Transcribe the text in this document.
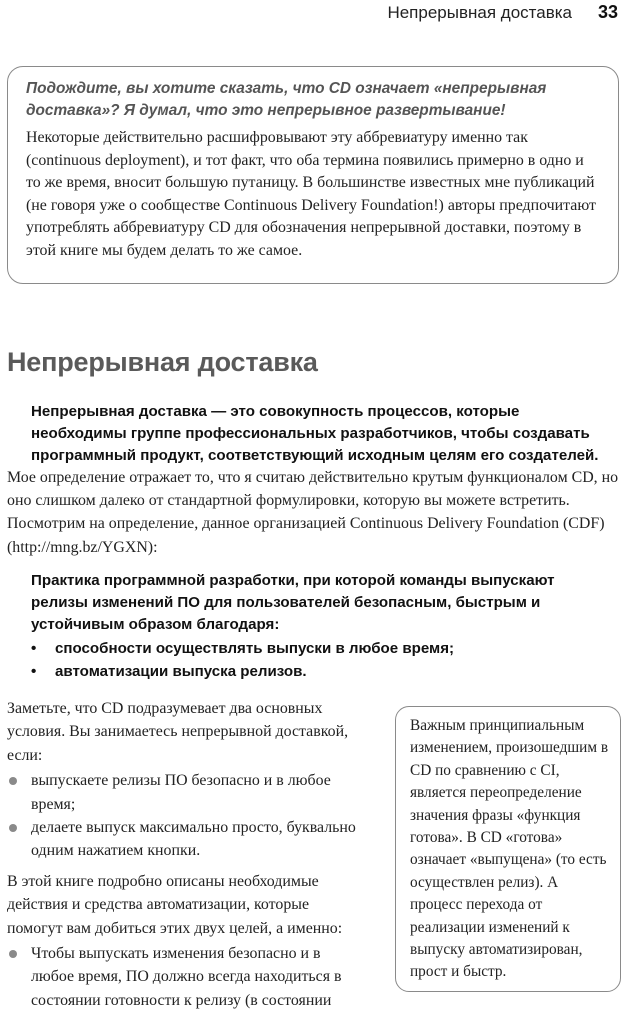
Непрерывная доставка 33
Подождите, вы хотите сказать, что CD означает «непрерывная доставка»? Я думал, что это непрерывное развертывание!
Некоторые действительно расшифровывают эту аббревиатуру именно так (continuous deployment), и тот факт, что оба термина появились примерно в одно и то же время, вносит большую путаницу. В большинстве известных мне публикаций (не говоря уже о сообществе Continuous Delivery Foundation!) авторы предпочитают употреблять аббревиатуру CD для обозначения непрерывной доставки, поэтому в этой книге мы будем делать то же самое.
Непрерывная доставка
Непрерывная доставка — это совокупность процессов, которые необходимы группе профессиональных разработчиков, чтобы создавать программный продукт, соответствующий исходным целям его создателей.
Мое определение отражает то, что я считаю действительно крутым функционалом CD, но оно слишком далеко от стандартной формулировки, которую вы можете встретить. Посмотрим на определение, данное организацией Continuous Delivery Foundation (CDF) (http://mng.bz/YGXN):
Практика программной разработки, при которой команды выпускают релизы изменений ПО для пользователей безопасным, быстрым и устойчивым образом благодаря:
• способности осуществлять выпуски в любое время;
• автоматизации выпуска релизов.

Заметьте, что CD подразумевает два основных условия. Вы занимаетесь непрерывной доставкой, если:

выпускаете релизы ПО безопасно и в любое время;
делаете выпуск максимально просто, буквально одним нажатием кнопки.

В этой книге подробно описаны необходимые действия и средства автоматизации, которые помогут вам добиться этих двух целей, а именно:

Чтобы выпускать изменения безопасно и в любое время, ПО должно всегда находиться в состоянии готовности к релизу (в состоянии
Важным принципиальным изменением, произошедшим в CD по сравнению с CI, является переопределение значения фразы «функция готова». В CD «готова» означает «выпущена» (то есть осуществлен релиз). А процесс перехода от реализации изменений к выпуску автоматизирован, прост и быстр.
